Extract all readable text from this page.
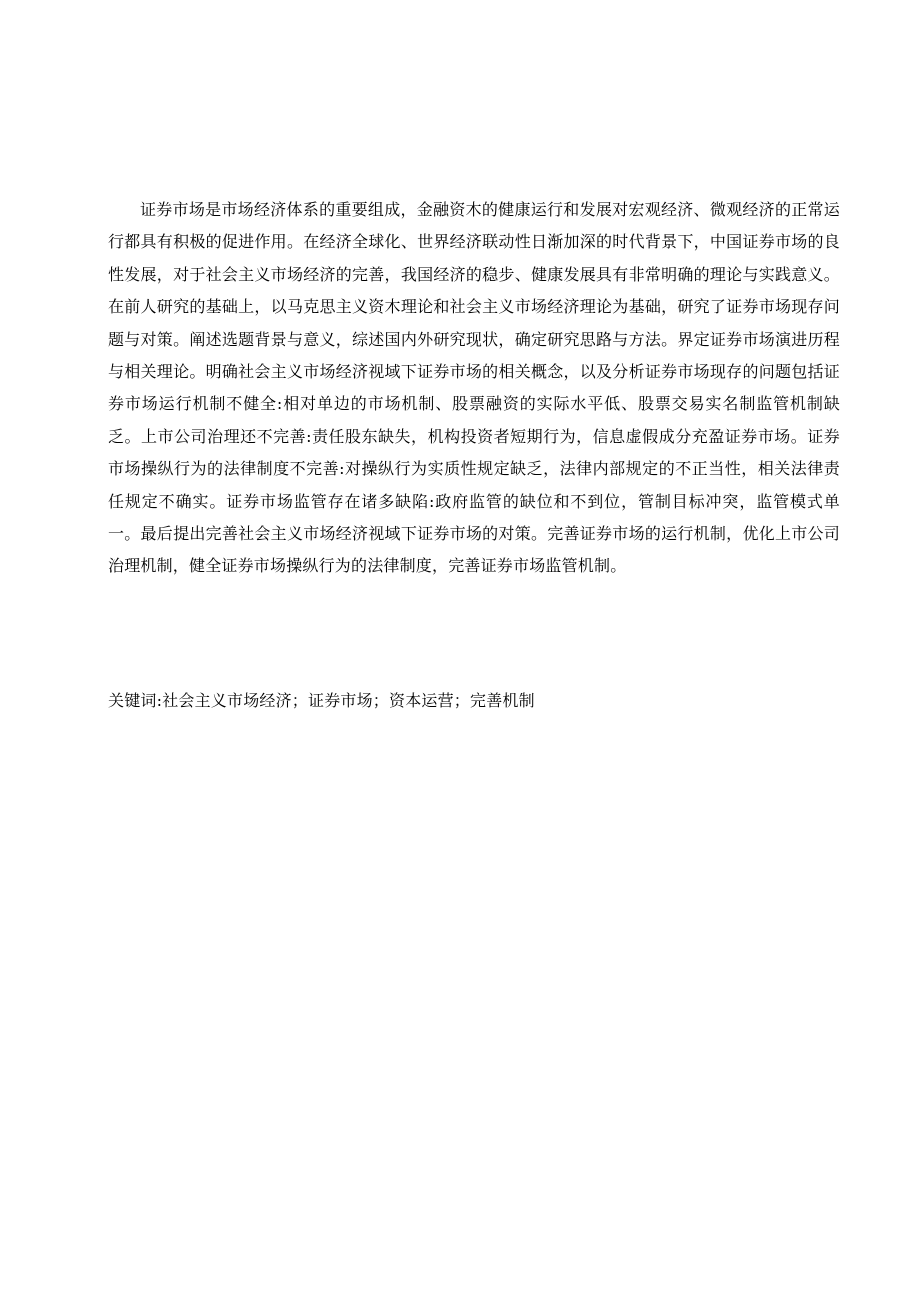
证券市场是市场经济体系的重要组成，金融资木的健康运行和发展对宏观经济、微观经济的正常运行都具有积极的促进作用。在经济全球化、世界经济联动性日渐加深的时代背景下，中国证券市场的良性发展，对于社会主义市场经济的完善，我国经济的稳步、健康发展具有非常明确的理论与实践意义。在前人研究的基础上，以马克思主义资木理论和社会主义市场经济理论为基础，研究了证券市场现存问题与对策。阐述选题背景与意义，综述国内外研究现状，确定研究思路与方法。界定证券市场演进历程与相关理论。明确社会主义市场经济视域下证券市场的相关概念，以及分析证券市场现存的问题包括证券市场运行机制不健全:相对单边的市场机制、股票融资的实际水平低、股票交易实名制监管机制缺乏。上市公司治理还不完善:责任股东缺失，机构投资者短期行为，信息虚假成分充盈证券市场。证券市场操纵行为的法律制度不完善:对操纵行为实质性规定缺乏，法律内部规定的不正当性，相关法律责任规定不确实。证券市场监管存在诸多缺陷:政府监管的缺位和不到位，管制目标冲突，监管模式单一。最后提出完善社会主义市场经济视域下证券市场的对策。完善证券市场的运行机制，优化上市公司治理机制，健全证券市场操纵行为的法律制度，完善证券市场监管机制。

关键词:社会主义市场经济；证券市场；资本运营；完善机制
